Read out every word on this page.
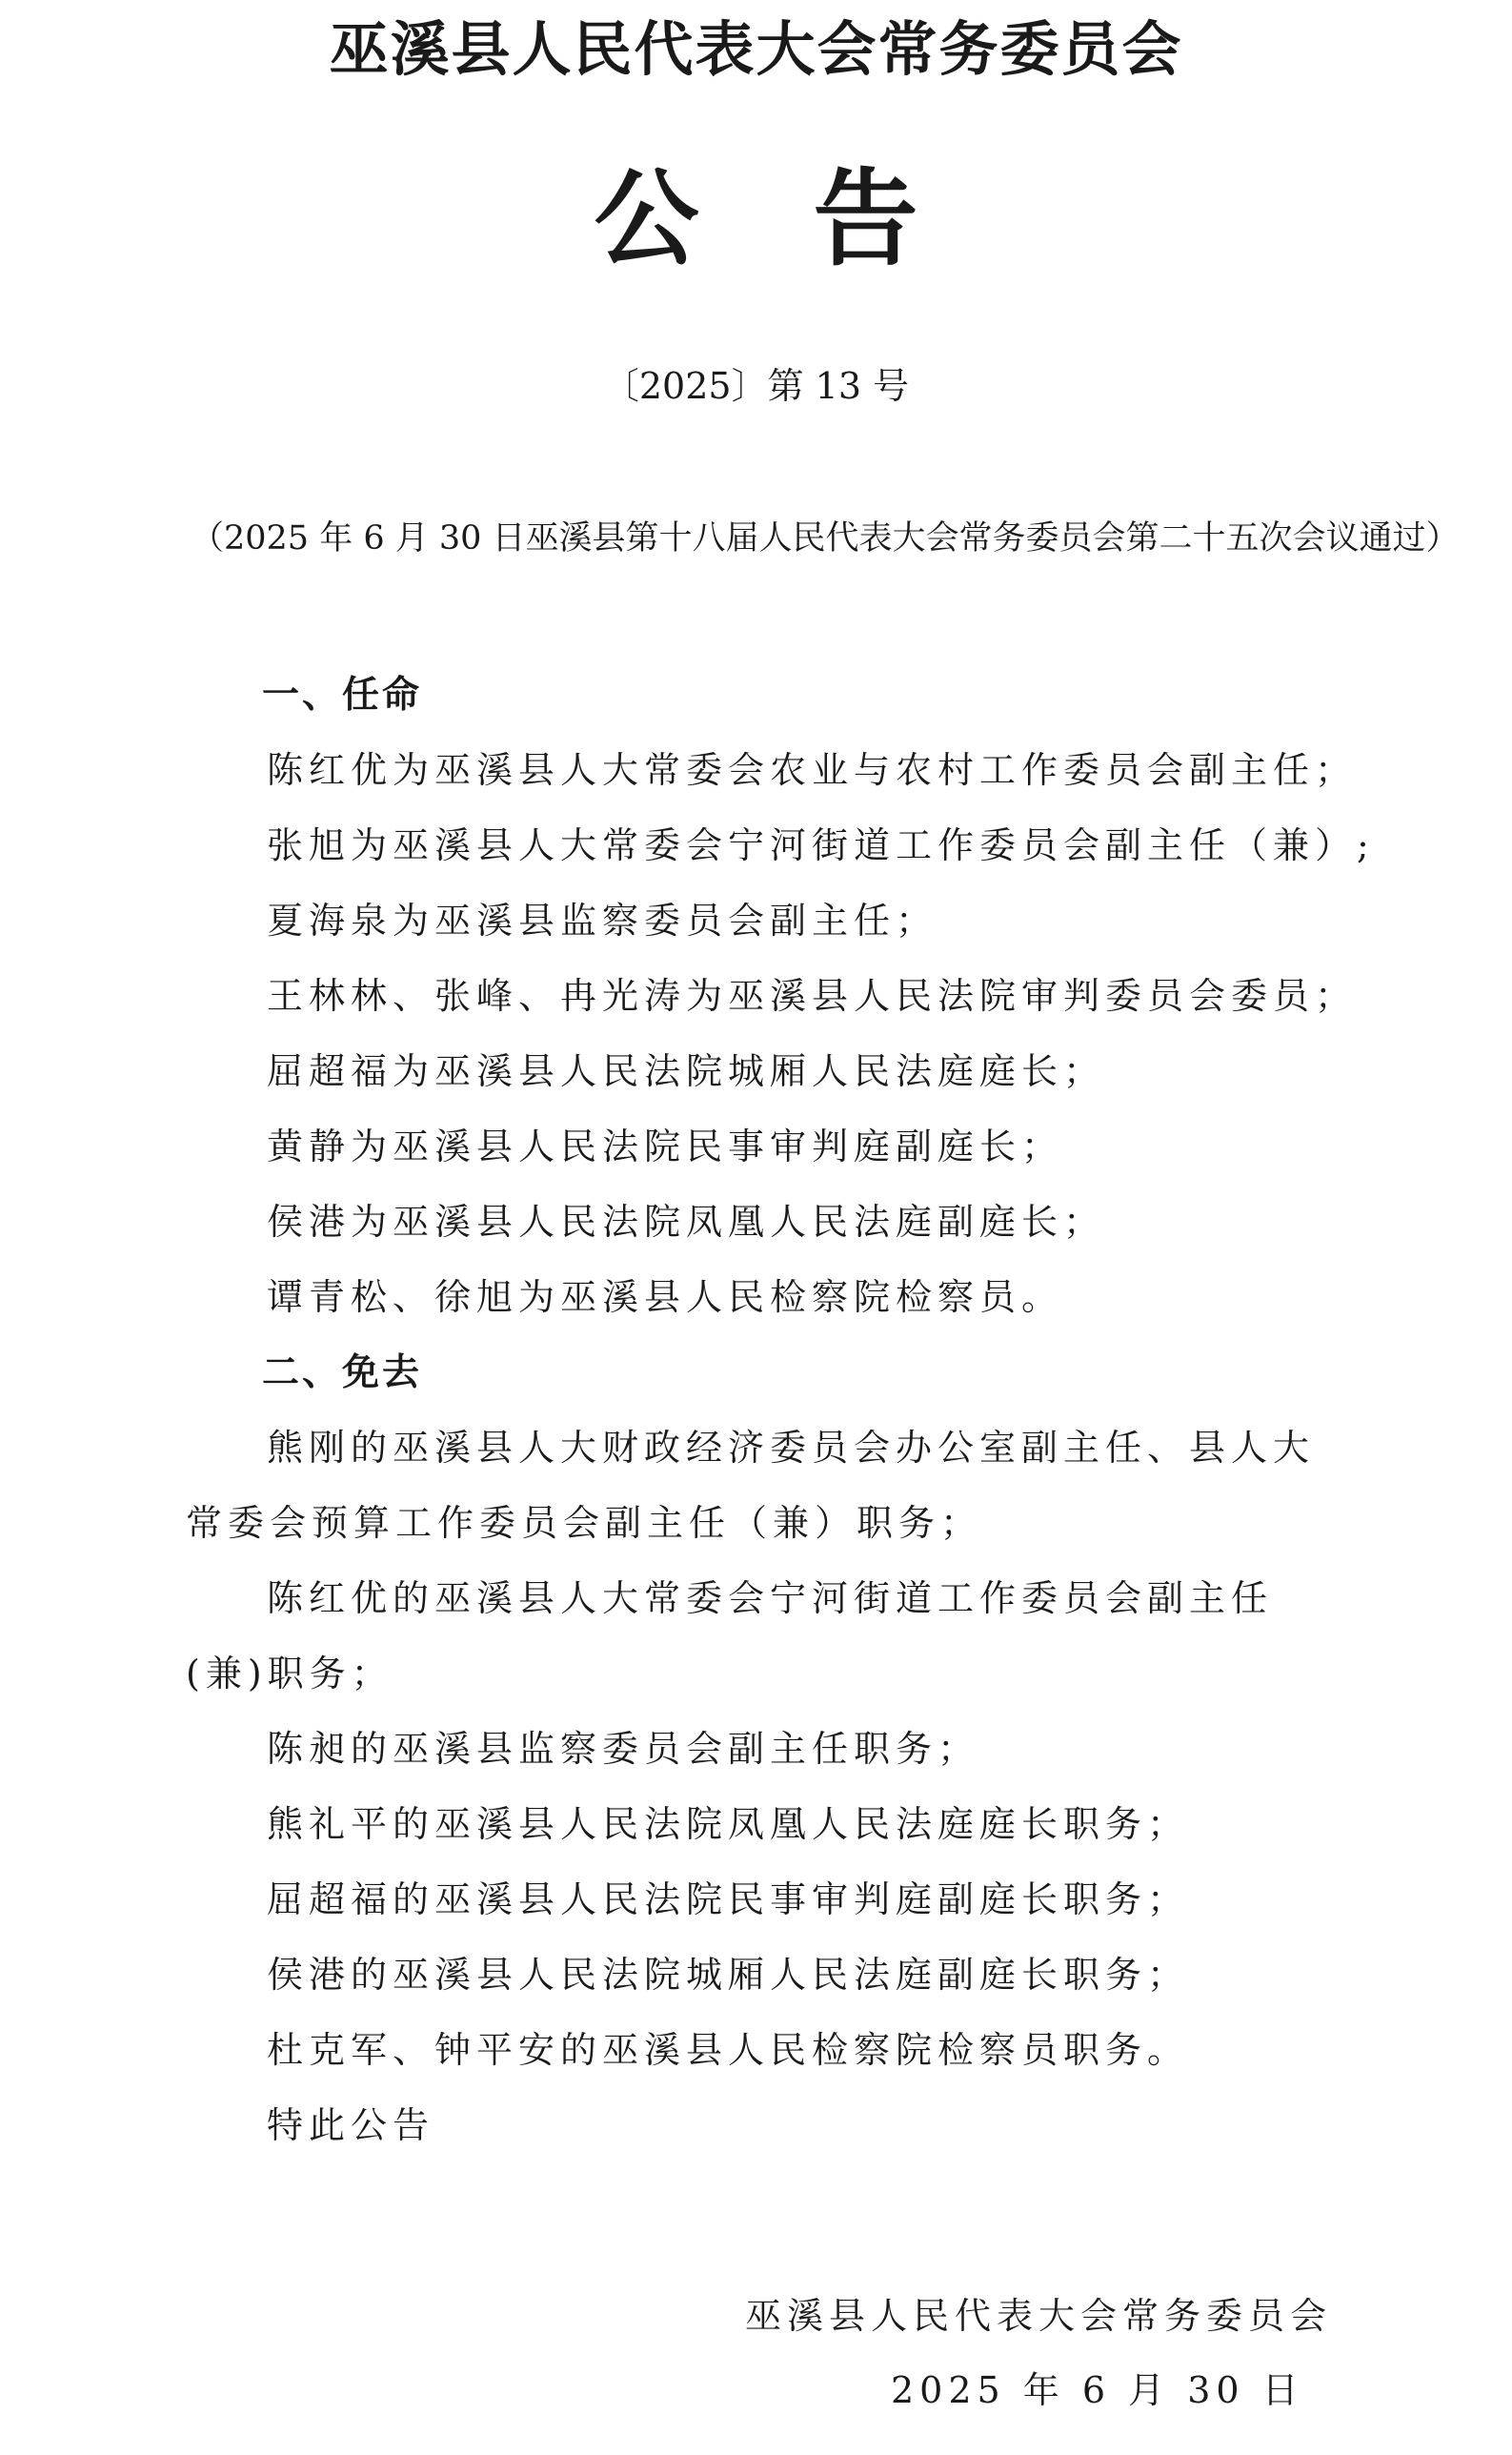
巫溪县人民代表大会常务委员会
公告
〔2025〕第 13 号
（2025 年 6 月 30 日巫溪县第十八届人民代表大会常务委员会第二十五次会议通过）
一、任命
陈红优为巫溪县人大常委会农业与农村工作委员会副主任；
张旭为巫溪县人大常委会宁河街道工作委员会副主任（兼）;
夏海泉为巫溪县监察委员会副主任；
王林林、张峰、冉光涛为巫溪县人民法院审判委员会委员；
屈超福为巫溪县人民法院城厢人民法庭庭长；
黄静为巫溪县人民法院民事审判庭副庭长；
侯港为巫溪县人民法院凤凰人民法庭副庭长；
谭青松、徐旭为巫溪县人民检察院检察员。
二、免去
熊刚的巫溪县人大财政经济委员会办公室副主任、县人大常委会预算工作委员会副主任（兼）职务；
陈红优的巫溪县人大常委会宁河街道工作委员会副主任(兼)职务；
陈昶的巫溪县监察委员会副主任职务；
熊礼平的巫溪县人民法院凤凰人民法庭庭长职务；
屈超福的巫溪县人民法院民事审判庭副庭长职务；
侯港的巫溪县人民法院城厢人民法庭副庭长职务；
杜克军、钟平安的巫溪县人民检察院检察员职务。
特此公告
巫溪县人民代表大会常务委员会
2025 年 6 月 30 日
